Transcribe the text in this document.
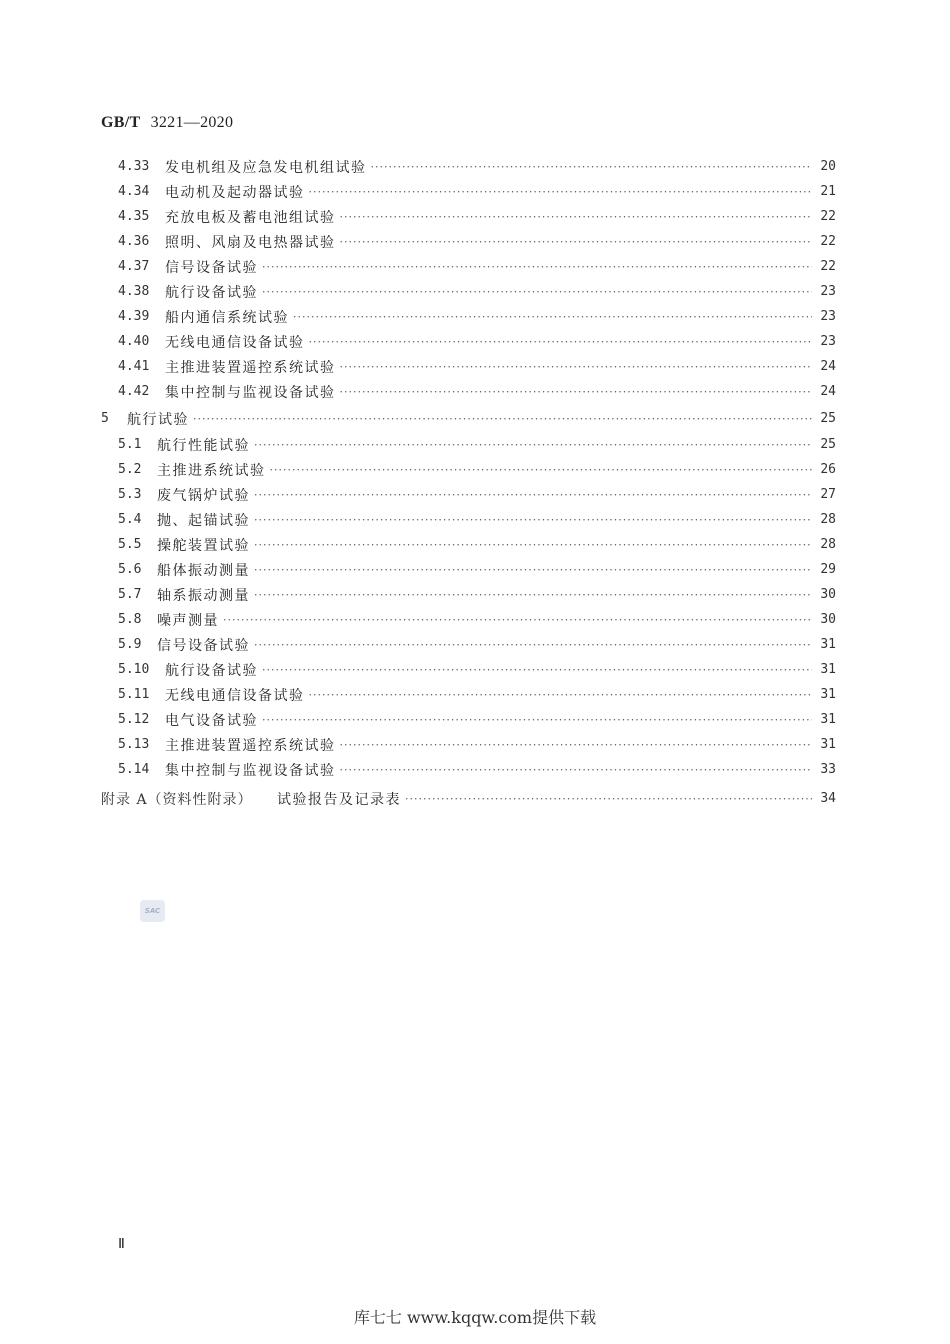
GB/T 3221—2020
4.33	发电机组及应急发电机组试验 ·····	20
4.34	电动机及起动器试验 ·····	21
4.35	充放电板及蓄电池组试验 ·····	22
4.36	照明、风扇及电热器试验 ·····	22
4.37	信号设备试验 ·····	22
4.38	航行设备试验 ·····	23
4.39	船内通信系统试验 ·····	23
4.40	无线电通信设备试验 ·····	23
4.41	主推进装置遥控系统试验 ·····	24
4.42	集中控制与监视设备试验 ·····	24
5	航行试验 ·····	25
5.1	航行性能试验 ·····	25
5.2	主推进系统试验 ·····	26
5.3	废气锅炉试验 ·····	27
5.4	抛、起锚试验 ·····	28
5.5	操舵装置试验 ·····	28
5.6	船体振动测量 ·····	29
5.7	轴系振动测量 ·····	30
5.8	噪声测量 ·····	30
5.9	信号设备试验 ·····	31
5.10	航行设备试验 ·····	31
5.11	无线电通信设备试验 ·····	31
5.12	电气设备试验 ·····	31
5.13	主推进装置遥控系统试验 ·····	31
5.14	集中控制与监视设备试验 ·····	33
附录 A（资料性附录）	试验报告及记录表 ·····	34
SAC
Ⅱ
库七七 www.kqqw.com提供下载
